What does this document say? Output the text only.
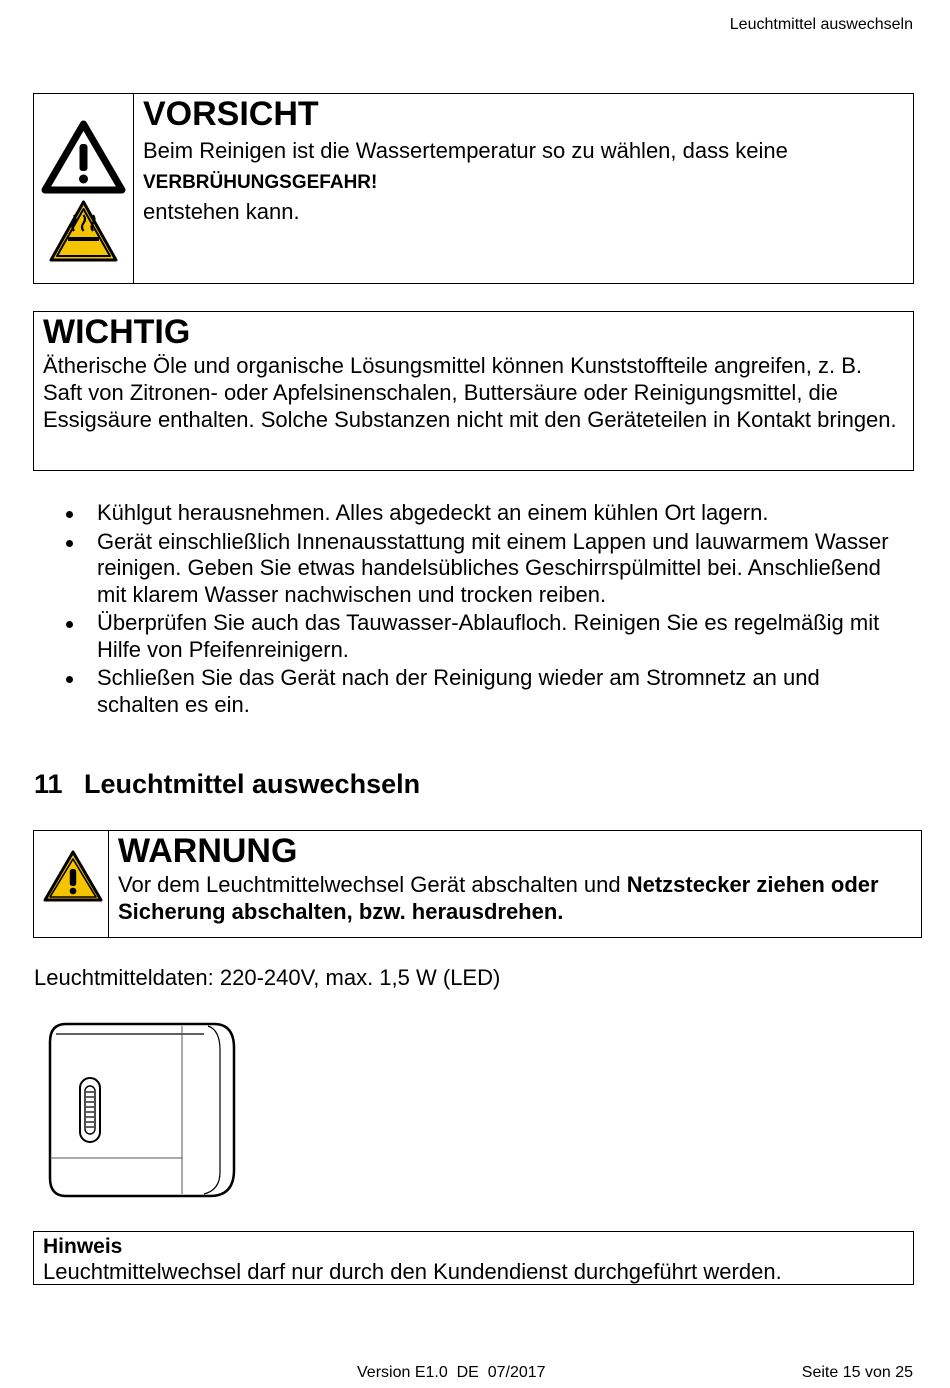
Leuchtmittel auswechseln
VORSICHT
Beim Reinigen ist die Wassertemperatur so zu wählen, dass keine
VERBRÜHUNGSGEFAHR!
entstehen kann.
WICHTIG
Ätherische Öle und organische Lösungsmittel können Kunststoffteile angreifen, z. B. Saft von Zitronen- oder Apfelsinenschalen, Buttersäure oder Reinigungsmittel, die Essigsäure enthalten. Solche Substanzen nicht mit den Geräteteilen in Kontakt bringen.
Kühlgut herausnehmen. Alles abgedeckt an einem kühlen Ort lagern.
Gerät einschließlich Innenausstattung mit einem Lappen und lauwarmem Wasser reinigen. Geben Sie etwas handelsübliches Geschirrspülmittel bei. Anschließend mit klarem Wasser nachwischen und trocken reiben.
Überprüfen Sie auch das Tauwasser-Ablaufloch. Reinigen Sie es regelmäßig mit Hilfe von Pfeifenreinigern.
Schließen Sie das Gerät nach der Reinigung wieder am Stromnetz an und schalten es ein.
11 Leuchtmittel auswechseln
WARNUNG
Vor dem Leuchtmittelwechsel Gerät abschalten und Netzstecker ziehen oder Sicherung abschalten, bzw. herausdrehen.
Leuchtmitteldaten: 220-240V, max. 1,5 W (LED)
Hinweis
Leuchtmittelwechsel darf nur durch den Kundendienst durchgeführt werden.
Version E1.0  DE  07/2017	Seite 15 von 25
